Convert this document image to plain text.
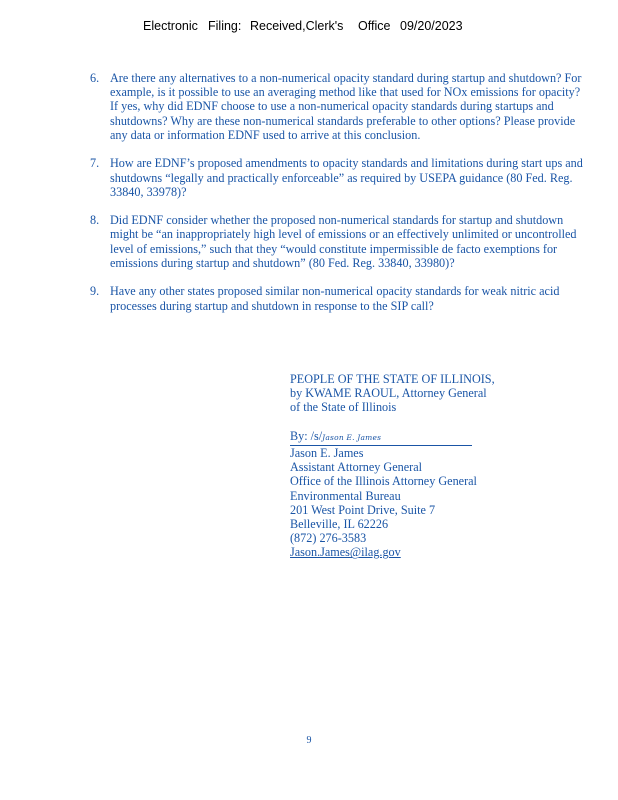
Electronic Filing: Received,Clerk's Office 09/20/2023
6. Are there any alternatives to a non-numerical opacity standard during startup and shutdown? For example, is it possible to use an averaging method like that used for NOx emissions for opacity? If yes, why did EDNF choose to use a non-numerical opacity standards during startups and shutdowns? Why are these non-numerical standards preferable to other options? Please provide any data or information EDNF used to arrive at this conclusion.
7. How are EDNF’s proposed amendments to opacity standards and limitations during start ups and shutdowns “legally and practically enforceable” as required by USEPA guidance (80 Fed. Reg. 33840, 33978)?
8. Did EDNF consider whether the proposed non-numerical standards for startup and shutdown might be “an inappropriately high level of emissions or an effectively unlimited or uncontrolled level of emissions,” such that they “would constitute impermissible de facto exemptions for emissions during startup and shutdown” (80 Fed. Reg. 33840, 33980)?
9. Have any other states proposed similar non-numerical opacity standards for weak nitric acid processes during startup and shutdown in response to the SIP call?
PEOPLE OF THE STATE OF ILLINOIS,
by KWAME RAOUL, Attorney General
of the State of Illinois
By: /s/Jason E. James
Jason E. James
Assistant Attorney General
Office of the Illinois Attorney General
Environmental Bureau
201 West Point Drive, Suite 7
Belleville, IL 62226
(872) 276-3583
Jason.James@ilag.gov
9
